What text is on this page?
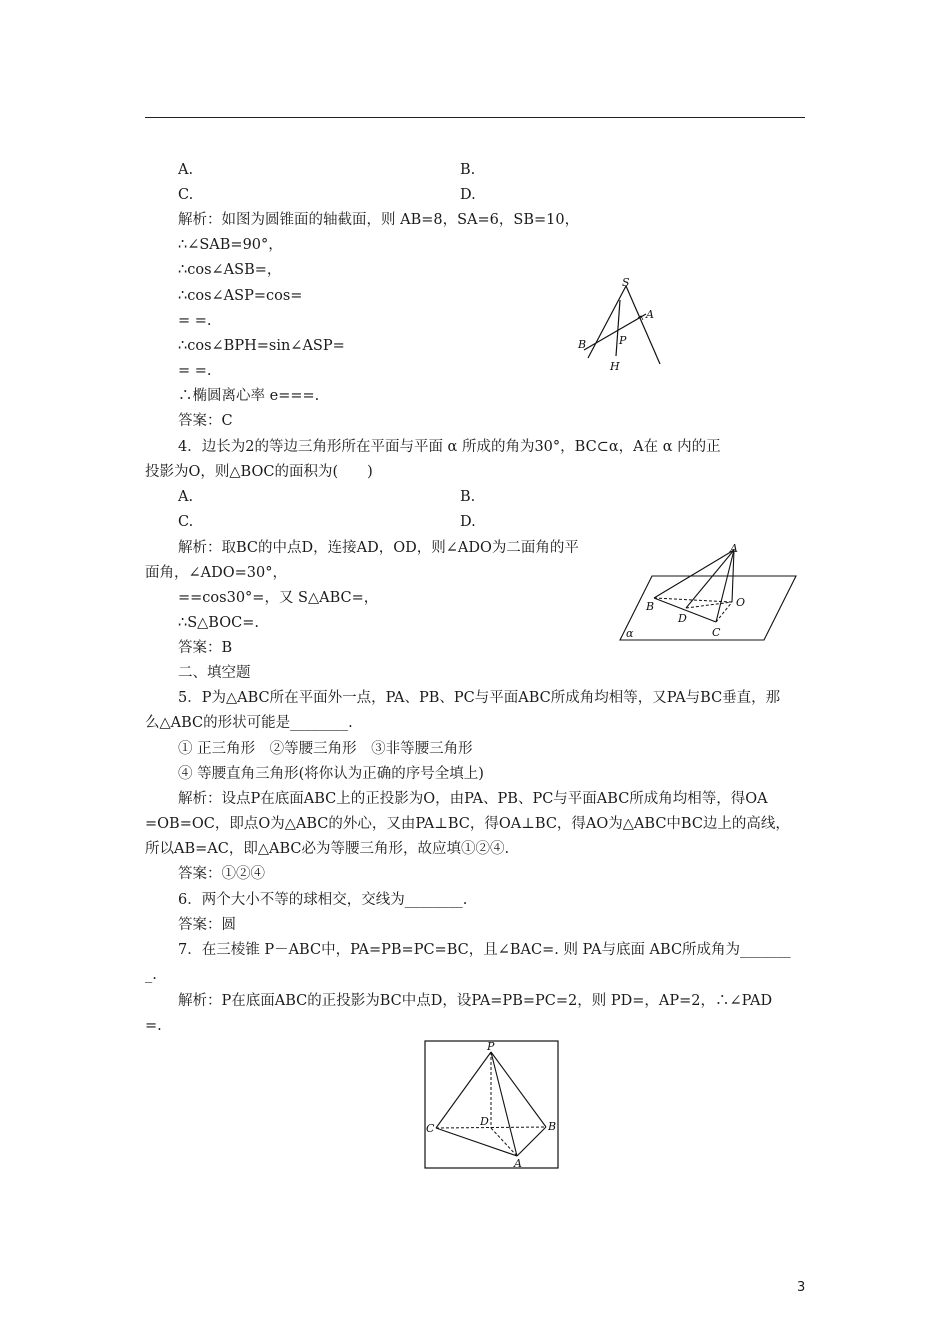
A.	B.
C.	D.
解析：如图为圆锥面的轴截面，则 AB=8，SA=6，SB=10，
∴∠SAB=90°，
∴cos∠ASB=，
∴cos∠ASP=cos=
= =.
∴cos∠BPH=sin∠ASP=
= =.
∴椭圆离心率 e===.
答案：C
S
A
B	P
H
4．边长为2的等边三角形所在平面与平面 α 所成的角为30°，BC⊂α，A在 α 内的正
投影为O，则△BOC的面积为(　　)
A.	B.
C.	D.
解析：取BC的中点D，连接AD，OD，则∠ADO为二面角的平
面角，∠ADO=30°，
==cos30°=，又 S△ABC=，
∴S△BOC=.
答案：B
A
B	O
D
C
α
二、填空题
5．P为△ABC所在平面外一点，PA、PB、PC与平面ABC所成角均相等，又PA与BC垂直，那
么△ABC的形状可能是________.
① 正三角形　②等腰三角形　③非等腰三角形
④ 等腰直角三角形(将你认为正确的序号全填上)
解析：设点P在底面ABC上的正投影为O，由PA、PB、PC与平面ABC所成角均相等，得OA
=OB=OC，即点O为△ABC的外心，又由PA⊥BC，得OA⊥BC，得AO为△ABC中BC边上的高线，
所以AB=AC，即△ABC必为等腰三角形，故应填①②④.
答案：①②④
6．两个大小不等的球相交，交线为________.
答案：圆
7．在三棱锥 P－ABC中，PA=PB=PC=BC，且∠BAC=. 则 PA与底面 ABC所成角为_______
_.
解析：P在底面ABC的正投影为BC中点D，设PA=PB=PC=2，则 PD=，AP=2，∴∠PAD
=.
P
C
D	B
A
3
